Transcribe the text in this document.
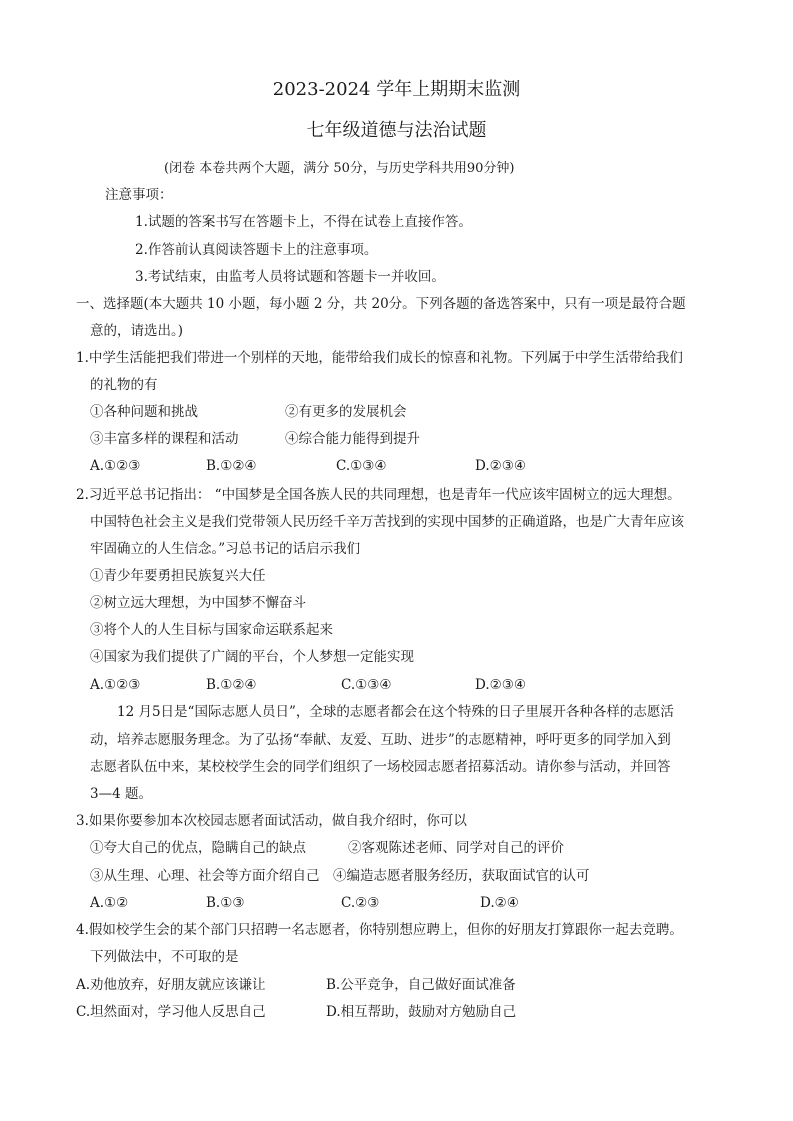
2023-2024 学年上期期末监测
七年级道德与法治试题
(闭卷 本卷共两个大题，满分 50分，与历史学科共用90分钟)
注意事项：
1.试题的答案书写在答题卡上，不得在试卷上直接作答。
2.作答前认真阅读答题卡上的注意事项。
3.考试结束，由监考人员将试题和答题卡一并收回。
一、选择题(本大题共 10 小题，每小题 2 分，共 20分。下列各题的备选答案中，只有一项是最符合题
意的，请选出。)
1.中学生活能把我们带进一个别样的天地，能带给我们成长的惊喜和礼物。下列属于中学生活带给我们
的礼物的有
①各种问题和挑战	②有更多的发展机会
③丰富多样的课程和活动	④综合能力能得到提升
A.①②③	B.①②④	C.①③④	D.②③④
2.习近平总书记指出： “中国梦是全国各族人民的共同理想，也是青年一代应该牢固树立的远大理想。
中国特色社会主义是我们党带领人民历经千辛万苦找到的实现中国梦的正确道路，也是广大青年应该
牢固确立的人生信念。”习总书记的话启示我们
①青少年要勇担民族复兴大任
②树立远大理想，为中国梦不懈奋斗
③将个人的人生目标与国家命运联系起来
④国家为我们提供了广阔的平台，个人梦想一定能实现
A.①②③	B.①②④	C.①③④	D.②③④
12 月5日是“国际志愿人员日”，全球的志愿者都会在这个特殊的日子里展开各种各样的志愿活
动，培养志愿服务理念。为了弘扬“奉献、友爱、互助、进步”的志愿精神，呼吁更多的同学加入到
志愿者队伍中来，某校校学生会的同学们组织了一场校园志愿者招募活动。请你参与活动，并回答
3—4 题。
3.如果你要参加本次校园志愿者面试活动，做自我介绍时，你可以
①夸大自己的优点，隐瞒自己的缺点	②客观陈述老师、同学对自己的评价
③从生理、心理、社会等方面介绍自己 ④编造志愿者服务经历，获取面试官的认可
A.①②	B.①③	C.②③	D.②④
4.假如校学生会的某个部门只招聘一名志愿者，你特别想应聘上，但你的好朋友打算跟你一起去竞聘。
下列做法中，不可取的是
A.劝他放弃，好朋友就应该谦让	B.公平竞争，自己做好面试准备
C.坦然面对，学习他人反思自己	D.相互帮助，鼓励对方勉励自己
